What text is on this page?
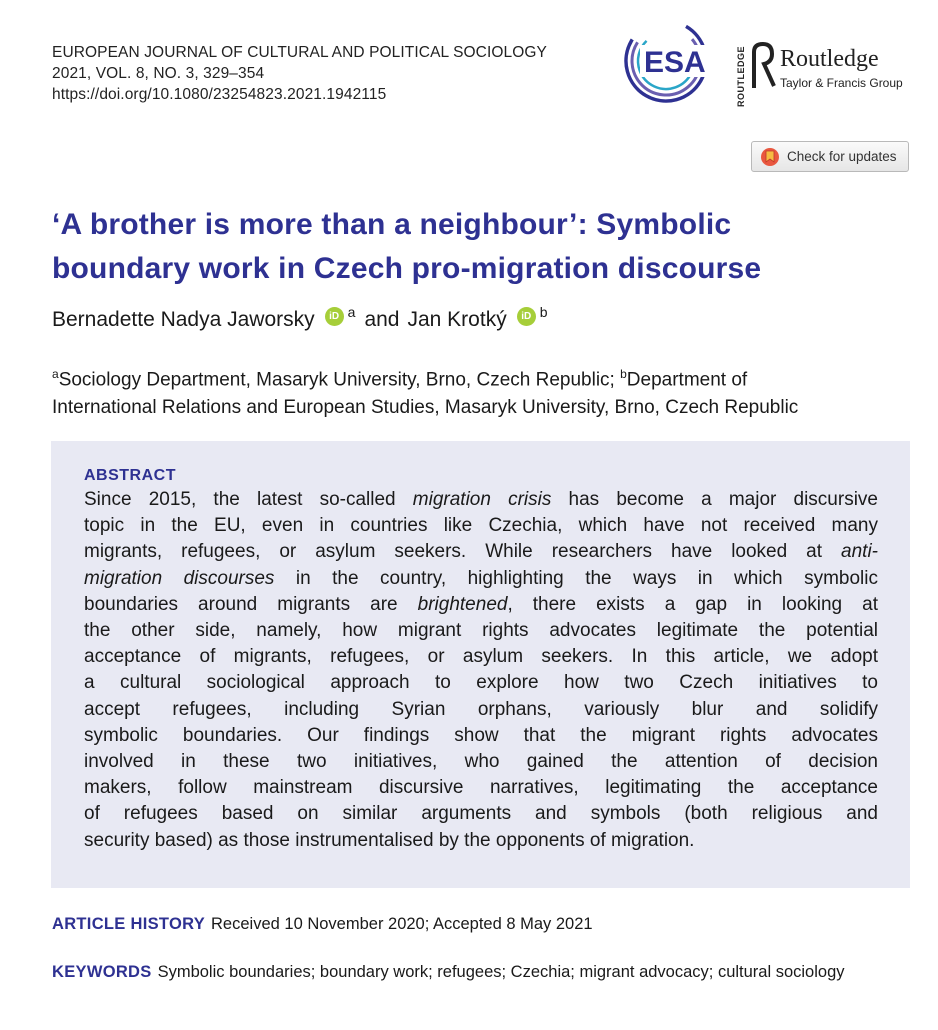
EUROPEAN JOURNAL OF CULTURAL AND POLITICAL SOCIOLOGY
2021, VOL. 8, NO. 3, 329–354
https://doi.org/10.1080/23254823.2021.1942115
ESA	ROUTLEDGE Routledge
Taylor & Francis Group
Check for updates
‘A brother is more than a neighbour’: Symbolic
boundary work in Czech pro-migration discourse
Bernadette Nadya Jaworsky	iD a and Jan Krotký	iD b
$^a$Sociology Department, Masaryk University, Brno, Czech Republic; $^b$Department of
International Relations and European Studies, Masaryk University, Brno, Czech Republic
ABSTRACT
Since 2015, the latest so-called migration crisis has become a major discursive
topic in the EU, even in countries like Czechia, which have not received many
migrants, refugees, or asylum seekers. While researchers have looked at anti-
migration discourses in the country, highlighting the ways in which symbolic
boundaries around migrants are brightened, there exists a gap in looking at
the other side, namely, how migrant rights advocates legitimate the potential
acceptance of migrants, refugees, or asylum seekers. In this article, we adopt
a cultural sociological approach to explore how two Czech initiatives to
accept refugees, including Syrian orphans, variously blur and solidify
symbolic boundaries. Our findings show that the migrant rights advocates
involved in these two initiatives, who gained the attention of decision
makers, follow mainstream discursive narratives, legitimating the acceptance
of refugees based on similar arguments and symbols (both religious and
security based) as those instrumentalised by the opponents of migration.
ARTICLE HISTORY Received 10 November 2020; Accepted 8 May 2021
KEYWORDS Symbolic boundaries; boundary work; refugees; Czechia; migrant advocacy; cultural sociology
